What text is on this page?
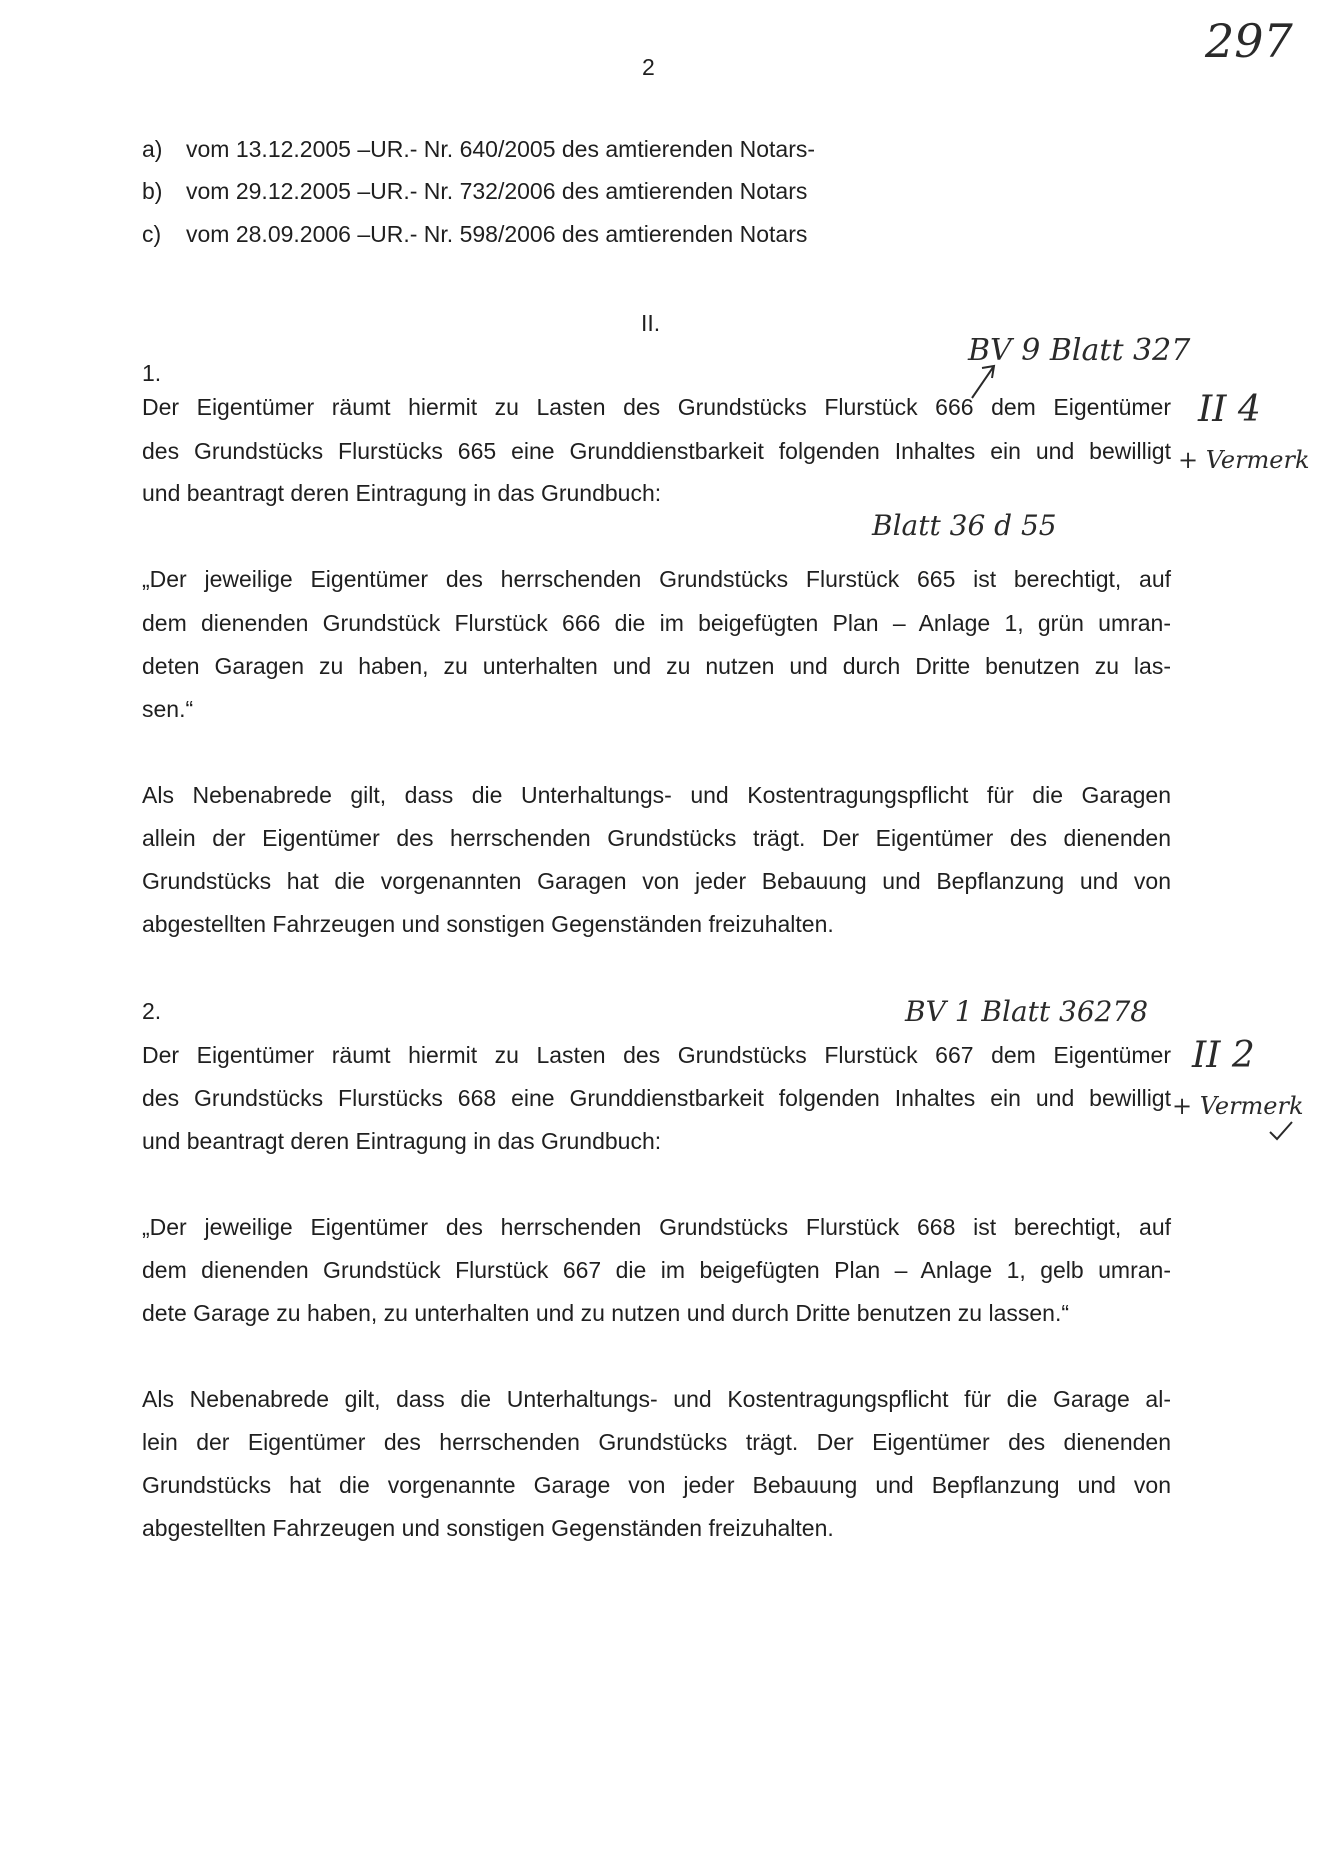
2	297
a) vom 13.12.2005 –UR.- Nr. 640/2005 des amtierenden Notars-
b) vom 29.12.2005 –UR.- Nr. 732/2006 des amtierenden Notars
c) vom 28.09.2006 –UR.- Nr. 598/2006 des amtierenden Notars
II.
1.
BV 9 Blatt 327
II 4
+ Vermerk
Blatt 36 d 55
Der Eigentümer räumt hiermit zu Lasten des Grundstücks Flurstück 666 dem Eigentümer
des Grundstücks Flurstücks 665 eine Grunddienstbarkeit folgenden Inhaltes ein und bewilligt
und beantragt deren Eintragung in das Grundbuch:
„Der jeweilige Eigentümer des herrschenden Grundstücks Flurstück 665 ist berechtigt, auf
dem dienenden Grundstück Flurstück 666 die im beigefügten Plan – Anlage 1, grün umran-
deten Garagen zu haben, zu unterhalten und zu nutzen und durch Dritte benutzen zu las-
sen.“
Als Nebenabrede gilt, dass die Unterhaltungs- und Kostentragungspflicht für die Garagen
allein der Eigentümer des herrschenden Grundstücks trägt. Der Eigentümer des dienenden
Grundstücks hat die vorgenannten Garagen von jeder Bebauung und Bepflanzung und von
abgestellten Fahrzeugen und sonstigen Gegenständen freizuhalten.
2.	BV 1 Blatt 36278
II 2
+ Vermerk
Der Eigentümer räumt hiermit zu Lasten des Grundstücks Flurstück 667 dem Eigentümer
des Grundstücks Flurstücks 668 eine Grunddienstbarkeit folgenden Inhaltes ein und bewilligt
und beantragt deren Eintragung in das Grundbuch:
„Der jeweilige Eigentümer des herrschenden Grundstücks Flurstück 668 ist berechtigt, auf
dem dienenden Grundstück Flurstück 667 die im beigefügten Plan – Anlage 1, gelb umran-
dete Garage zu haben, zu unterhalten und zu nutzen und durch Dritte benutzen zu lassen.“
Als Nebenabrede gilt, dass die Unterhaltungs- und Kostentragungspflicht für die Garage al-
lein der Eigentümer des herrschenden Grundstücks trägt. Der Eigentümer des dienenden
Grundstücks hat die vorgenannte Garage von jeder Bebauung und Bepflanzung und von
abgestellten Fahrzeugen und sonstigen Gegenständen freizuhalten.
